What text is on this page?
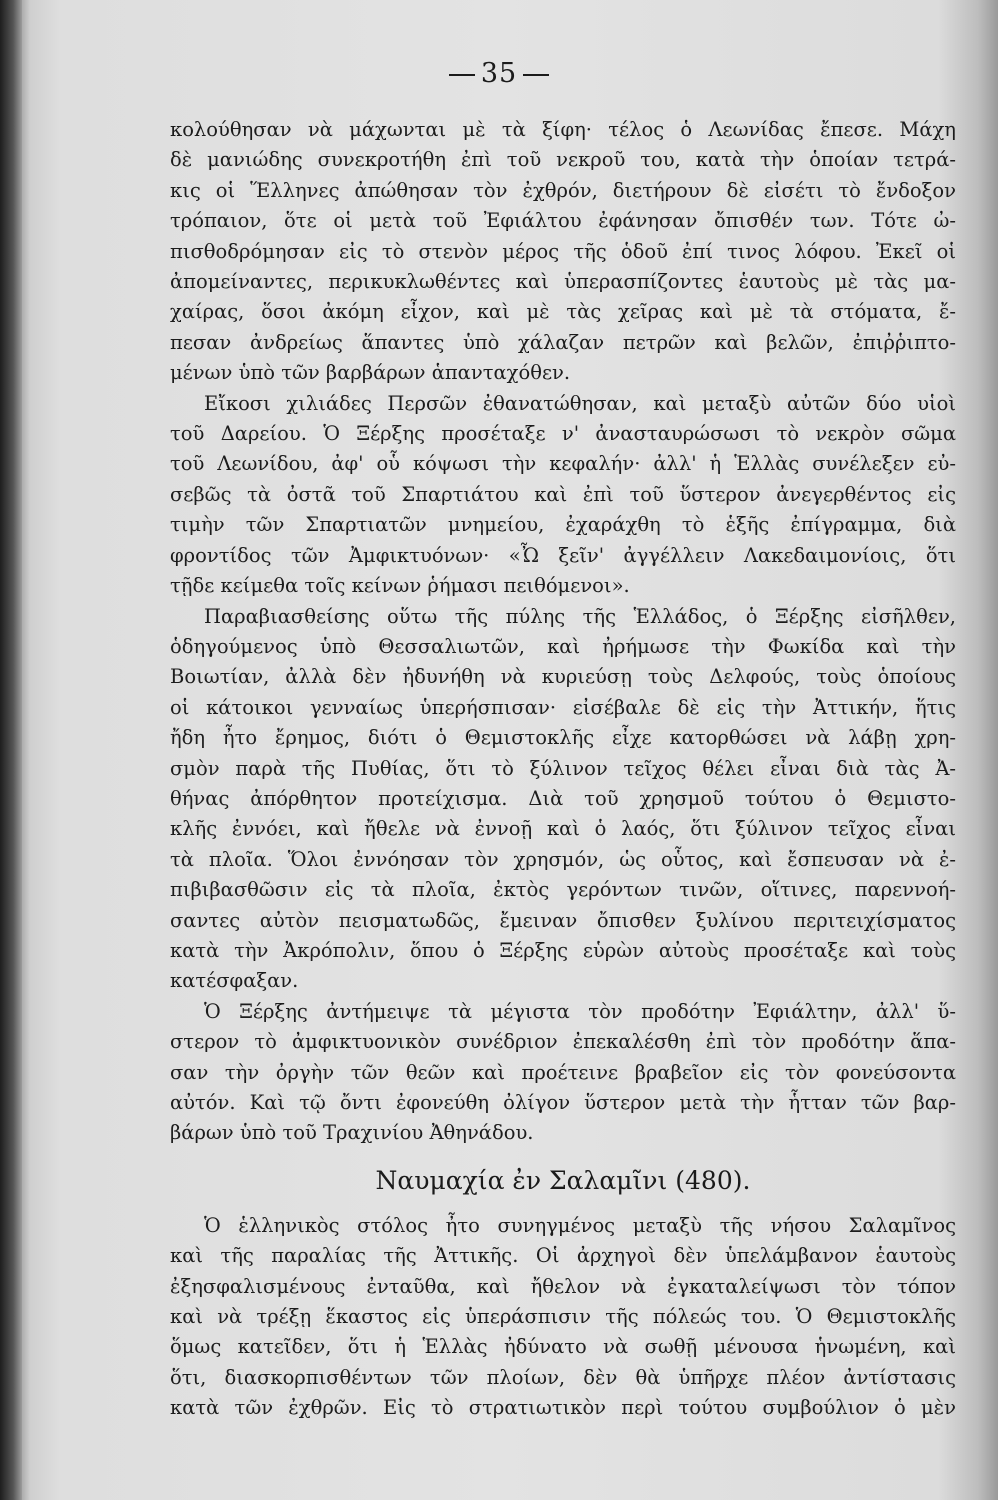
35
κολούθησαν νὰ μάχωνται μὲ τὰ ξίφη· τέλος ὁ Λεωνίδας ἔπεσε. Μάχη
δὲ μανιώδης συνεκροτήθη ἐπὶ τοῦ νεκροῦ του, κατὰ τὴν ὁποίαν τετρά-
κις οἱ Ἕλληνες ἀπώθησαν τὸν ἐχθρόν, διετήρουν δὲ εἰσέτι τὸ ἔνδοξον
τρόπαιον, ὅτε οἱ μετὰ τοῦ Ἐφιάλτου ἐφάνησαν ὄπισθέν των. Τότε ὠ-
πισθοδρόμησαν εἰς τὸ στενὸν μέρος τῆς ὁδοῦ ἐπί τινος λόφου. Ἐκεῖ οἱ
ἀπομείναντες, περικυκλωθέντες καὶ ὑπερασπίζοντες ἑαυτοὺς μὲ τὰς μα-
χαίρας, ὅσοι ἀκόμη εἶχον, καὶ μὲ τὰς χεῖρας καὶ μὲ τὰ στόματα, ἔ-
πεσαν ἀνδρείως ἅπαντες ὑπὸ χάλαζαν πετρῶν καὶ βελῶν, ἐπιῤῥιπτο-
μένων ὑπὸ τῶν βαρβάρων ἁπανταχόθεν.
Εἴκοσι χιλιάδες Περσῶν ἐθανατώθησαν, καὶ μεταξὺ αὐτῶν δύο υἱοὶ
τοῦ Δαρείου. Ὁ Ξέρξης προσέταξε ν' ἀνασταυρώσωσι τὸ νεκρὸν σῶμα
τοῦ Λεωνίδου, ἀφ' οὗ κόψωσι τὴν κεφαλήν· ἀλλ' ἡ Ἑλλὰς συνέλεξεν εὐ-
σεβῶς τὰ ὀστᾶ τοῦ Σπαρτιάτου καὶ ἐπὶ τοῦ ὕστερον ἀνεγερθέντος εἰς
τιμὴν τῶν Σπαρτιατῶν μνημείου, ἐχαράχθη τὸ ἑξῆς ἐπίγραμμα, διὰ
φροντίδος τῶν Ἀμφικτυόνων· «Ὦ ξεῖν' ἀγγέλλειν Λακεδαιμονίοις, ὅτι
τῇδε κείμεθα τοῖς κείνων ῥήμασι πειθόμενοι».
Παραβιασθείσης οὕτω τῆς πύλης τῆς Ἑλλάδος, ὁ Ξέρξης εἰσῆλθεν,
ὁδηγούμενος ὑπὸ Θεσσαλιωτῶν, καὶ ἠρήμωσε τὴν Φωκίδα καὶ τὴν
Βοιωτίαν, ἀλλὰ δὲν ἠδυνήθη νὰ κυριεύσῃ τοὺς Δελφούς, τοὺς ὁποίους
οἱ κάτοικοι γενναίως ὑπερήσπισαν· εἰσέβαλε δὲ εἰς τὴν Ἀττικήν, ἥτις
ἤδη ἦτο ἔρημος, διότι ὁ Θεμιστοκλῆς εἶχε κατορθώσει νὰ λάβῃ χρη-
σμὸν παρὰ τῆς Πυθίας, ὅτι τὸ ξύλινον τεῖχος θέλει εἶναι διὰ τὰς Ἀ-
θήνας ἀπόρθητον προτείχισμα. Διὰ τοῦ χρησμοῦ τούτου ὁ Θεμιστο-
κλῆς ἐννόει, καὶ ἤθελε νὰ ἐννοῇ καὶ ὁ λαός, ὅτι ξύλινον τεῖχος εἶναι
τὰ πλοῖα. Ὅλοι ἐννόησαν τὸν χρησμόν, ὡς οὗτος, καὶ ἔσπευσαν νὰ ἐ-
πιβιβασθῶσιν εἰς τὰ πλοῖα, ἐκτὸς γερόντων τινῶν, οἵτινες, παρεννοή-
σαντες αὐτὸν πεισματωδῶς, ἔμειναν ὄπισθεν ξυλίνου περιτειχίσματος
κατὰ τὴν Ἀκρόπολιν, ὅπου ὁ Ξέρξης εὑρὼν αὐτοὺς προσέταξε καὶ τοὺς
κατέσφαξαν.
Ὁ Ξέρξης ἀντήμειψε τὰ μέγιστα τὸν προδότην Ἐφιάλτην, ἀλλ' ὕ-
στερον τὸ ἀμφικτυονικὸν συνέδριον ἐπεκαλέσθη ἐπὶ τὸν προδότην ἅπα-
σαν τὴν ὀργὴν τῶν θεῶν καὶ προέτεινε βραβεῖον εἰς τὸν φονεύσοντα
αὐτόν. Καὶ τῷ ὄντι ἐφονεύθη ὀλίγον ὕστερον μετὰ τὴν ἧτταν τῶν βαρ-
βάρων ὑπὸ τοῦ Τραχινίου Ἀθηνάδου.
Ναυμαχία ἐν Σαλαμῖνι (480).
Ὁ ἑλληνικὸς στόλος ἦτο συνηγμένος μεταξὺ τῆς νήσου Σαλαμῖνος
καὶ τῆς παραλίας τῆς Ἀττικῆς. Οἱ ἀρχηγοὶ δὲν ὑπελάμβανον ἑαυτοὺς
ἐξησφαλισμένους ἐνταῦθα, καὶ ἤθελον νὰ ἐγκαταλείψωσι τὸν τόπον
καὶ νὰ τρέξῃ ἕκαστος εἰς ὑπεράσπισιν τῆς πόλεώς του. Ὁ Θεμιστοκλῆς
ὅμως κατεῖδεν, ὅτι ἡ Ἑλλὰς ἠδύνατο νὰ σωθῇ μένουσα ἡνωμένη, καὶ
ὅτι, διασκορπισθέντων τῶν πλοίων, δὲν θὰ ὑπῆρχε πλέον ἀντίστασις
κατὰ τῶν ἐχθρῶν. Εἰς τὸ στρατιωτικὸν περὶ τούτου συμβούλιον ὁ μὲν
